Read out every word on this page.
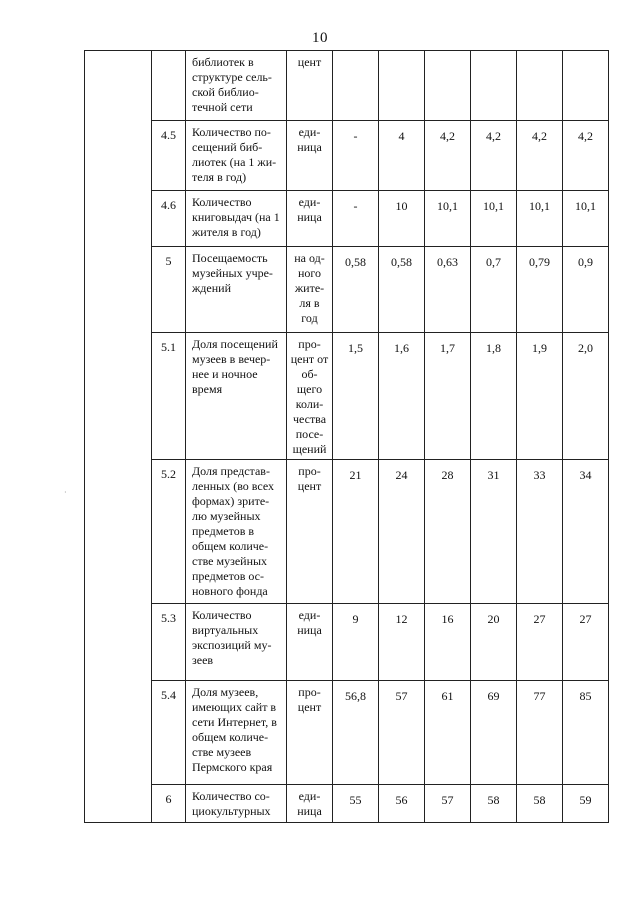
10
·
		библиотек в структуре сель-ской библио-течной сети	цент						
	4.5	Количество по-сещений биб-лиотек (на 1 жи-теля в год)	еди-ница	-	4	4,2	4,2	4,2	4,2
	4.6	Количество книговыдач (на 1 жителя в год)	еди-ница	-	10	10,1	10,1	10,1	10,1
	5	Посещаемость музейных учре-ждений	на од-ного жите-ля в год	0,58	0,58	0,63	0,7	0,79	0,9
	5.1	Доля посещений музеев в вечер-нее и ночное время	про-цент от об-щего коли-чества посе-щений	1,5	1,6	1,7	1,8	1,9	2,0
	5.2	Доля представ-ленных (во всех формах) зрите-лю музейных предметов в общем количе-стве музейных предметов ос-новного фонда	про-цент	21	24	28	31	33	34
	5.3	Количество виртуальных экспозиций му-зеев	еди-ница	9	12	16	20	27	27
	5.4	Доля музеев, имеющих сайт в сети Интернет, в общем количе-стве музеев Пермского края	про-цент	56,8	57	61	69	77	85
	6	Количество со-циокультурных	еди-ница	55	56	57	58	58	59
